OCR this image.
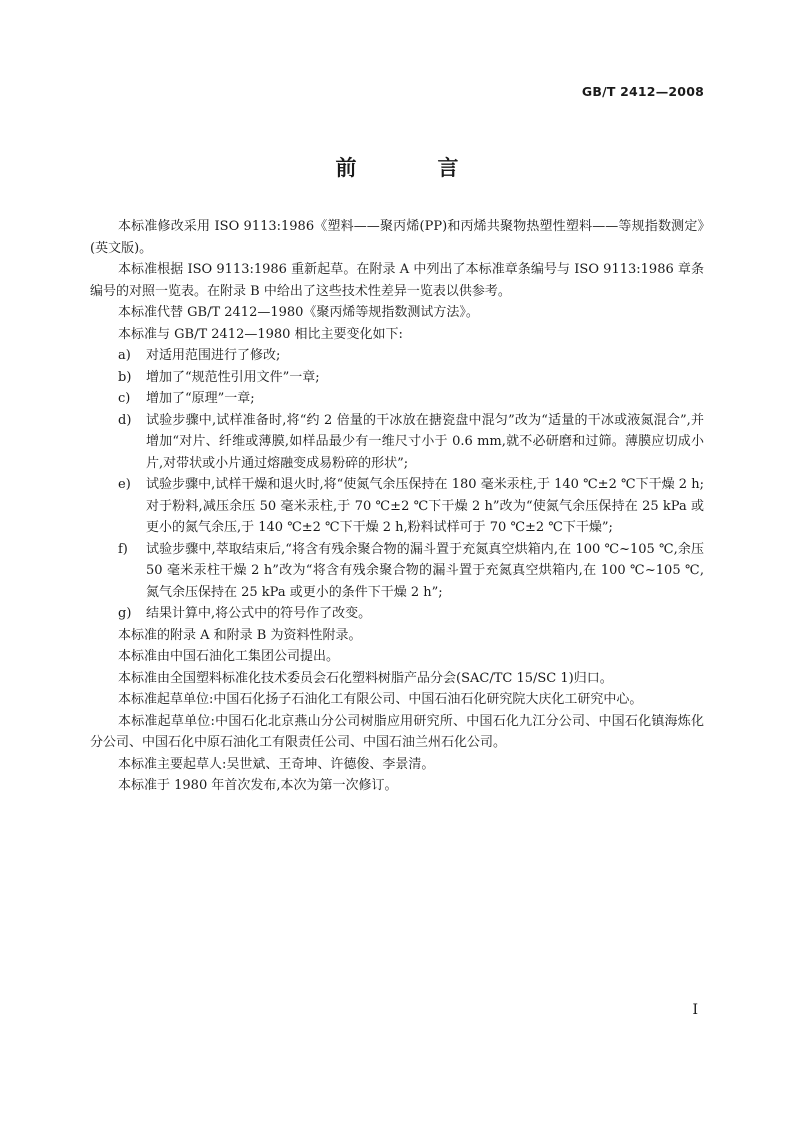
GB/T 2412—2008
前　言

本标准修改采用 ISO 9113:1986《塑料——聚丙烯(PP)和丙烯共聚物热塑性塑料——等规指数测定》(英文版)。

本标准根据 ISO 9113:1986 重新起草。在附录 A 中列出了本标准章条编号与 ISO 9113:1986 章条编号的对照一览表。在附录 B 中给出了这些技术性差异一览表以供参考。

本标准代替 GB/T 2412—1980《聚丙烯等规指数测试方法》。

本标准与 GB/T 2412—1980 相比主要变化如下:

a)	对适用范围进行了修改;
b)	增加了“规范性引用文件”一章;
c)	增加了“原理”一章;
d)	试验步骤中,试样准备时,将“约 2 倍量的干冰放在搪瓷盘中混匀”改为“适量的干冰或液氮混合”,并增加“对片、纤维或薄膜,如样品最少有一维尺寸小于 0.6 mm,就不必研磨和过筛。薄膜应切成小片,对带状或小片通过熔融变成易粉碎的形状”;
e)	试验步骤中,试样干燥和退火时,将“使氮气余压保持在 180 毫米汞柱,于 140 ℃±2 ℃下干燥 2 h;对于粉料,减压余压 50 毫米汞柱,于 70 ℃±2 ℃下干燥 2 h”改为“使氮气余压保持在 25 kPa 或更小的氮气余压,于 140 ℃±2 ℃下干燥 2 h,粉料试样可于 70 ℃±2 ℃下干燥”;
f)	试验步骤中,萃取结束后,“将含有残余聚合物的漏斗置于充氮真空烘箱内,在 100 ℃~105 ℃,余压 50 毫米汞柱干燥 2 h”改为“将含有残余聚合物的漏斗置于充氮真空烘箱内,在 100 ℃~105 ℃,氮气余压保持在 25 kPa 或更小的条件下干燥 2 h”;
g)	结果计算中,将公式中的符号作了改变。

本标准的附录 A 和附录 B 为资料性附录。

本标准由中国石油化工集团公司提出。

本标准由全国塑料标准化技术委员会石化塑料树脂产品分会(SAC/TC 15/SC 1)归口。

本标准起草单位:中国石化扬子石油化工有限公司、中国石油石化研究院大庆化工研究中心。

本标准起草单位:中国石化北京燕山分公司树脂应用研究所、中国石化九江分公司、中国石化镇海炼化分公司、中国石化中原石油化工有限责任公司、中国石油兰州石化公司。

本标准主要起草人:吴世斌、王奇坤、许德俊、李景清。

本标准于 1980 年首次发布,本次为第一次修订。

I
